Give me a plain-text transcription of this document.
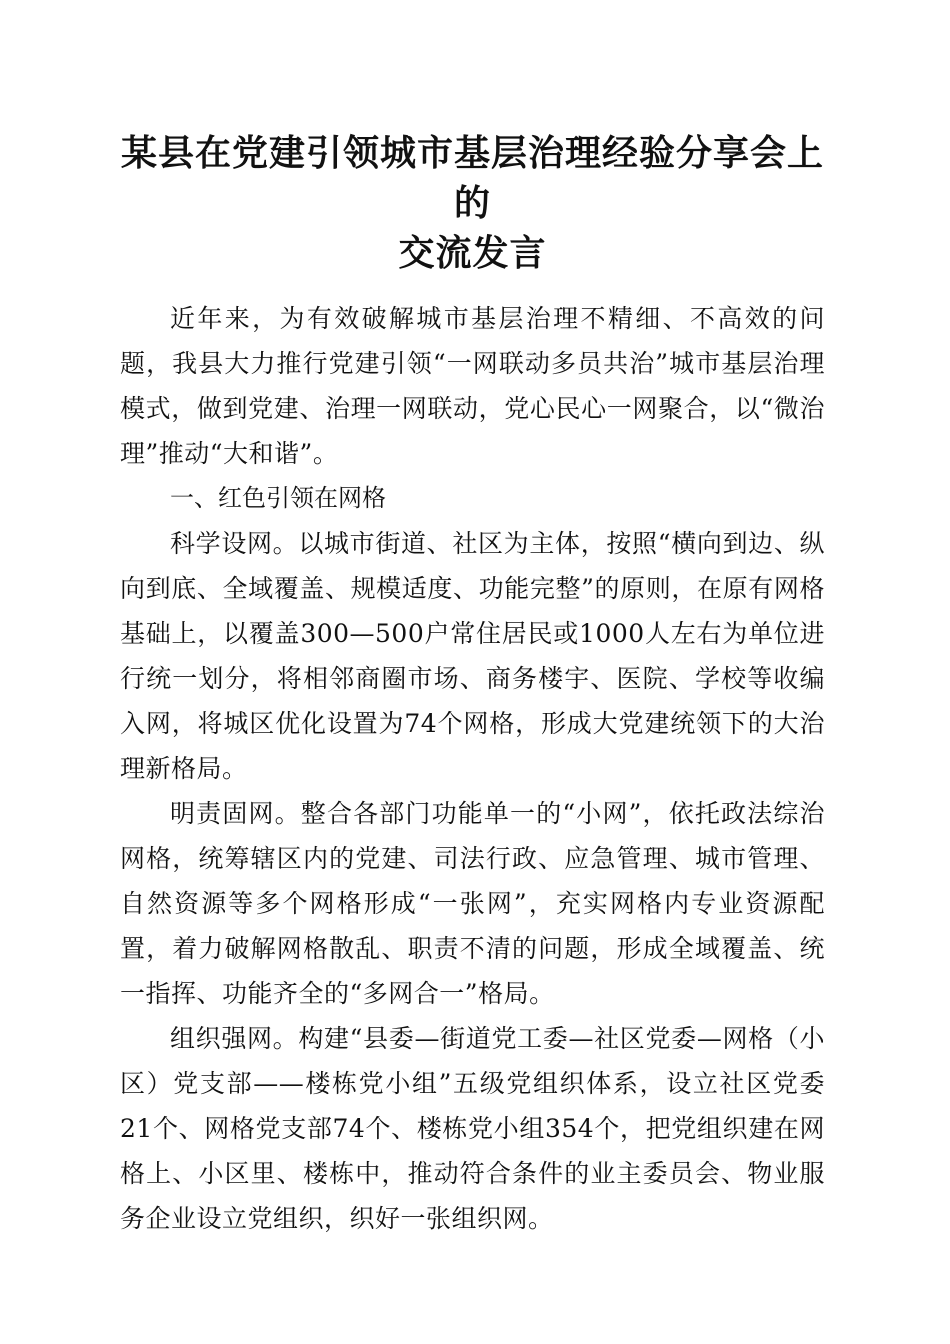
某县在党建引领城市基层治理经验分享会上的
交流发言

近年来，为有效破解城市基层治理不精细、不高效的问题，我县大力推行党建引领“一网联动多员共治”城市基层治理模式，做到党建、治理一网联动，党心民心一网聚合，以“微治理”推动“大和谐”。

一、红色引领在网格

科学设网。以城市街道、社区为主体，按照“横向到边、纵向到底、全域覆盖、规模适度、功能完整”的原则，在原有网格基础上，以覆盖300—500户常住居民或1000人左右为单位进行统一划分，将相邻商圈市场、商务楼宇、医院、学校等收编入网，将城区优化设置为74个网格，形成大党建统领下的大治理新格局。

明责固网。整合各部门功能单一的“小网”，依托政法综治网格，统筹辖区内的党建、司法行政、应急管理、城市管理、自然资源等多个网格形成“一张网”，充实网格内专业资源配置，着力破解网格散乱、职责不清的问题，形成全域覆盖、统一指挥、功能齐全的“多网合一”格局。

组织强网。构建“县委—街道党工委—社区党委—网格（小区）党支部——楼栋党小组”五级党组织体系，设立社区党委21个、网格党支部74个、楼栋党小组354个，把党组织建在网格上、小区里、楼栋中，推动符合条件的业主委员会、物业服务企业设立党组织，织好一张组织网。
